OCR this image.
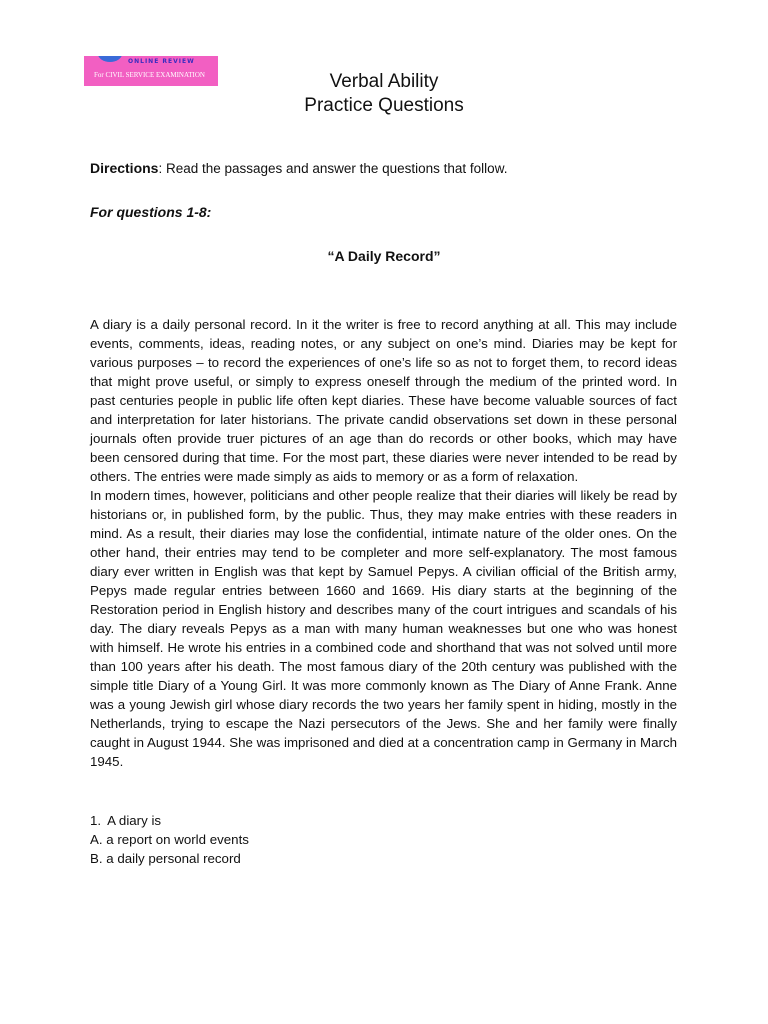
ONLINE REVIEW
For CIVIL SERVICE EXAMINATION	Verbal Ability
Practice Questions
Directions: Read the passages and answer the questions that follow.
For questions 1-8:
“A Daily Record”

A diary is a daily personal record. In it the writer is free to record anything at all. This may include events, comments, ideas, reading notes, or any subject on one’s mind. Diaries may be kept for various purposes – to record the experiences of one’s life so as not to forget them, to record ideas that might prove useful, or simply to express oneself through the medium of the printed word. In past centuries people in public life often kept diaries. These have become valuable sources of fact and interpretation for later historians. The private candid observations set down in these personal journals often provide truer pictures of an age than do records or other books, which may have been censored during that time. For the most part, these diaries were never intended to be read by others. The entries were made simply as aids to memory or as a form of relaxation.

In modern times, however, politicians and other people realize that their diaries will likely be read by historians or, in published form, by the public. Thus, they may make entries with these readers in mind. As a result, their diaries may lose the confidential, intimate nature of the older ones. On the other hand, their entries may tend to be completer and more self-explanatory. The most famous diary ever written in English was that kept by Samuel Pepys. A civilian official of the British army, Pepys made regular entries between 1660 and 1669. His diary starts at the beginning of the Restoration period in English history and describes many of the court intrigues and scandals of his day. The diary reveals Pepys as a man with many human weaknesses but one who was honest with himself. He wrote his entries in a combined code and shorthand that was not solved until more than 100 years after his death. The most famous diary of the 20th century was published with the simple title Diary of a Young Girl. It was more commonly known as The Diary of Anne Frank. Anne was a young Jewish girl whose diary records the two years her family spent in hiding, mostly in the Netherlands, trying to escape the Nazi persecutors of the Jews. She and her family were finally caught in August 1944. She was imprisoned and died at a concentration camp in Germany in March 1945.

1. A diary is
A. a report on world events
B. a daily personal record
